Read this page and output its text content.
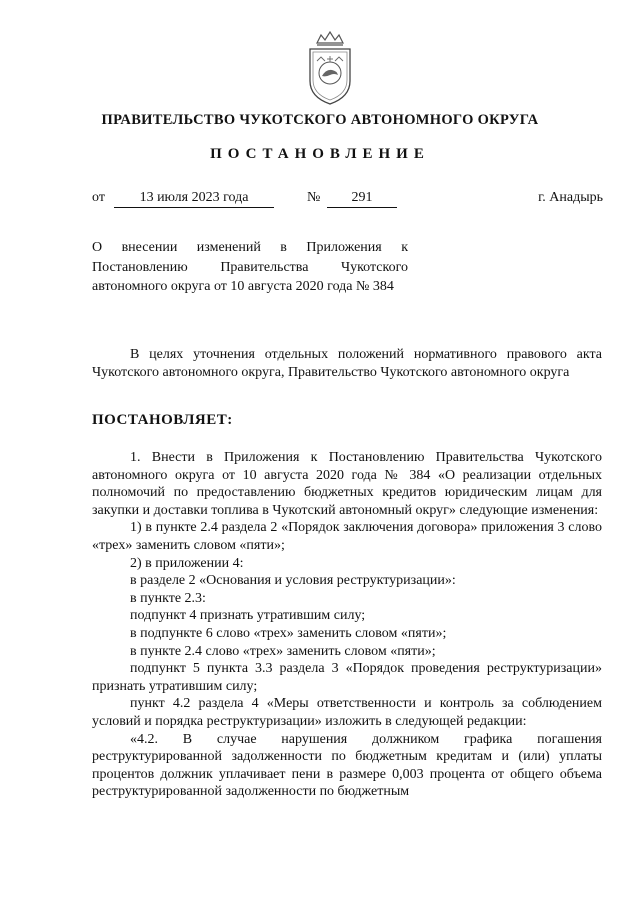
ПРАВИТЕЛЬСТВО ЧУКОТСКОГО АВТОНОМНОГО ОКРУГА
ПОСТАНОВЛЕНИЕ
от	13 июля 2023 года	№	291	г. Анадырь
О внесении изменений в Приложения к Постановлению Правительства Чукотского автономного округа от 10 августа 2020 года № 384
В целях уточнения отдельных положений нормативного правового акта Чукотского автономного округа, Правительство Чукотского автономного округа
ПОСТАНОВЛЯЕТ:

1. Внести в Приложения к Постановлению Правительства Чукотского автономного округа от 10 августа 2020 года № 384 «О реализации отдельных полномочий по предоставлению бюджетных кредитов юридическим лицам для закупки и доставки топлива в Чукотский автономный округ» следующие изменения:

1) в пункте 2.4 раздела 2 «Порядок заключения договора» приложения 3 слово «трех» заменить словом «пяти»;

2) в приложении 4:

в разделе 2 «Основания и условия реструктуризации»:

в пункте 2.3:

подпункт 4 признать утратившим силу;

в подпункте 6 слово «трех» заменить словом «пяти»;

в пункте 2.4 слово «трех» заменить словом «пяти»;

подпункт 5 пункта 3.3 раздела 3 «Порядок проведения реструктуризации» признать утратившим силу;

пункт 4.2 раздела 4 «Меры ответственности и контроль за соблюдением условий и порядка реструктуризации» изложить в следующей редакции:

«4.2. В случае нарушения должником графика погашения реструктурированной задолженности по бюджетным кредитам и (или) уплаты процентов должник уплачивает пени в размере 0,003 процента от общего объема реструктурированной задолженности по бюджетным
